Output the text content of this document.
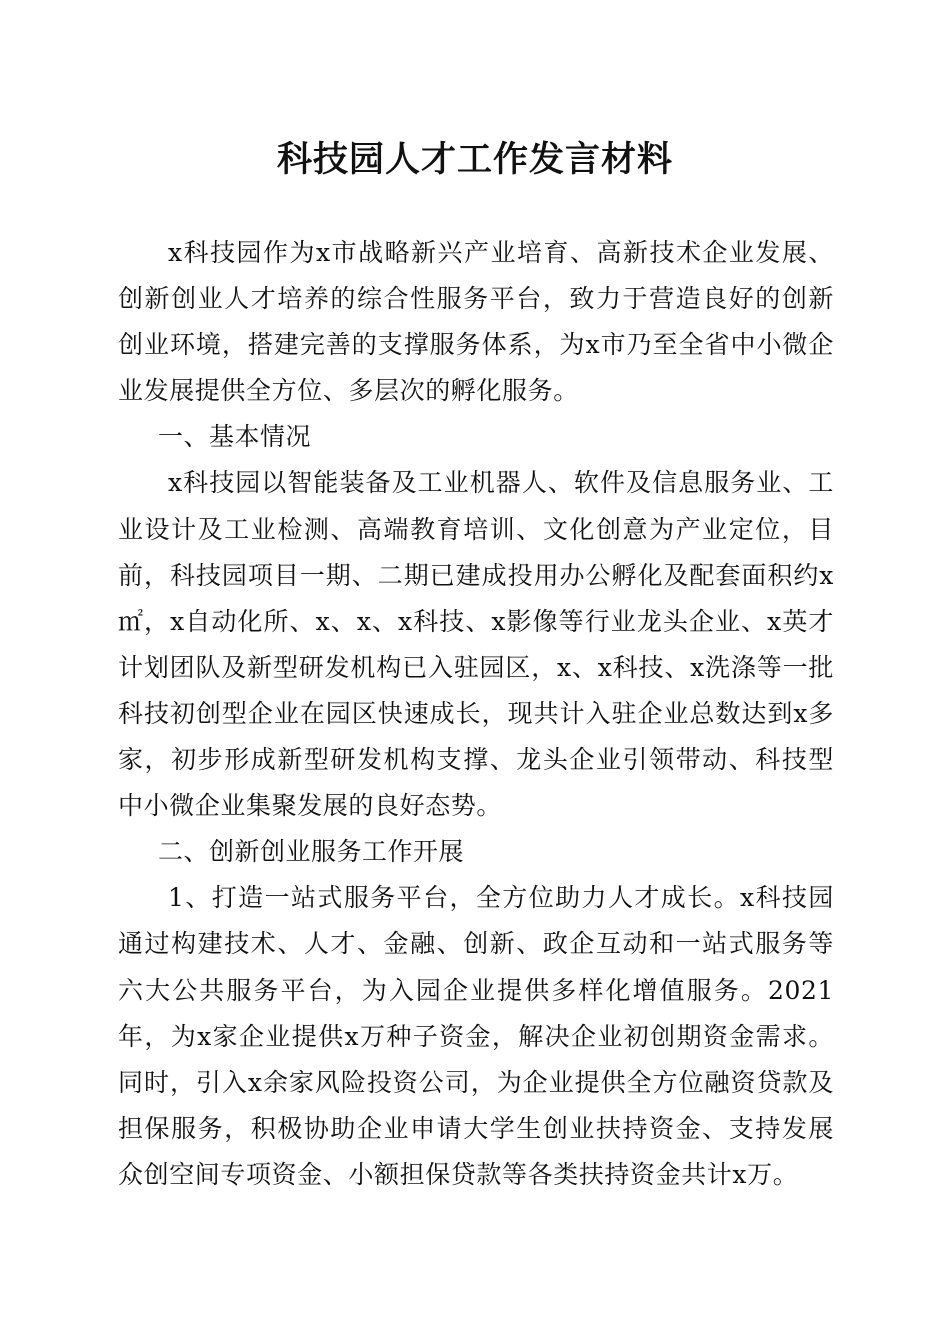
科技园人才工作发言材料

x科技园作为x市战略新兴产业培育、高新技术企业发展、创新创业人才培养的综合性服务平台，致力于营造良好的创新创业环境，搭建完善的支撑服务体系，为x市乃至全省中小微企业发展提供全方位、多层次的孵化服务。

一、基本情况

x科技园以智能装备及工业机器人、软件及信息服务业、工业设计及工业检测、高端教育培训、文化创意为产业定位，目前，科技园项目一期、二期已建成投用办公孵化及配套面积约x㎡，x自动化所、x、x、x科技、x影像等行业龙头企业、x英才计划团队及新型研发机构已入驻园区，x、x科技、x洗涤等一批科技初创型企业在园区快速成长，现共计入驻企业总数达到x多家，初步形成新型研发机构支撑、龙头企业引领带动、科技型中小微企业集聚发展的良好态势。

二、创新创业服务工作开展

1、打造一站式服务平台，全方位助力人才成长。x科技园通过构建技术、人才、金融、创新、政企互动和一站式服务等六大公共服务平台，为入园企业提供多样化增值服务。2021年，为x家企业提供x万种子资金，解决企业初创期资金需求。同时，引入x余家风险投资公司，为企业提供全方位融资贷款及担保服务，积极协助企业申请大学生创业扶持资金、支持发展众创空间专项资金、小额担保贷款等各类扶持资金共计x万。
